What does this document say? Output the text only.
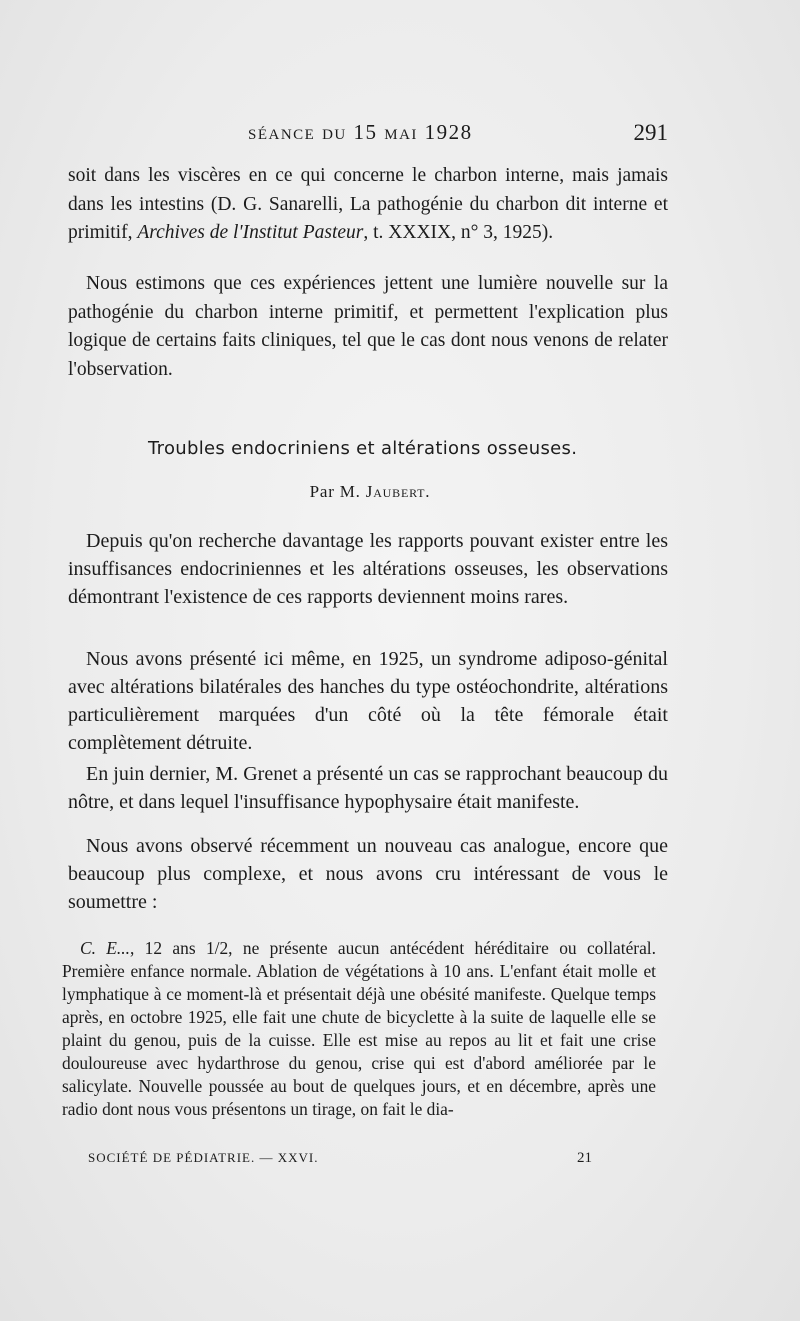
séance du 15 mai 1928	291

soit dans les viscères en ce qui concerne le charbon interne, mais jamais dans les intestins (D. G. Sanarelli, La pathogénie du charbon dit interne et primitif, Archives de l'Institut Pasteur, t. XXXIX, n° 3, 1925).

Nous estimons que ces expériences jettent une lumière nouvelle sur la pathogénie du charbon interne primitif, et permettent l'explication plus logique de certains faits cliniques, tel que le cas dont nous venons de relater l'observation.

Troubles endocriniens et altérations osseuses.
Par M. Jaubert.

Depuis qu'on recherche davantage les rapports pouvant exister entre les insuffisances endocriniennes et les altérations osseuses, les observations démontrant l'existence de ces rapports deviennent moins rares.

Nous avons présenté ici même, en 1925, un syndrome adiposo-génital avec altérations bilatérales des hanches du type ostéochondrite, altérations particulièrement marquées d'un côté où la tête fémorale était complètement détruite.

En juin dernier, M. Grenet a présenté un cas se rapprochant beaucoup du nôtre, et dans lequel l'insuffisance hypophysaire était manifeste.

Nous avons observé récemment un nouveau cas analogue, encore que beaucoup plus complexe, et nous avons cru intéressant de vous le soumettre :

C. E..., 12 ans 1/2, ne présente aucun antécédent héréditaire ou collatéral. Première enfance normale. Ablation de végétations à 10 ans. L'enfant était molle et lymphatique à ce moment-là et présentait déjà une obésité manifeste. Quelque temps après, en octobre 1925, elle fait une chute de bicyclette à la suite de laquelle elle se plaint du genou, puis de la cuisse. Elle est mise au repos au lit et fait une crise douloureuse avec hydarthrose du genou, crise qui est d'abord améliorée par le salicylate. Nouvelle poussée au bout de quelques jours, et en décembre, après une radio dont nous vous présentons un tirage, on fait le dia-

SOCIÉTÉ DE PÉDIATRIE. — XXVI.	21
